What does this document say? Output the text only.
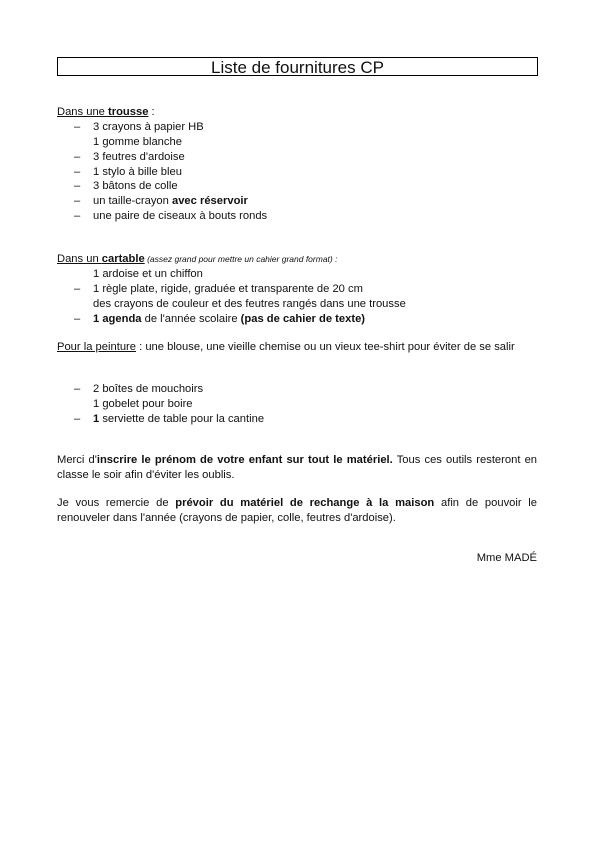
Liste de fournitures CP

Dans une trousse :

– 3 crayons à papier HB
1 gomme blanche
– 3 feutres d'ardoise
– 1 stylo à bille bleu
– 3 bâtons de colle
– un taille-crayon avec réservoir
– une paire de ciseaux à bouts ronds

Dans un cartable (assez grand pour mettre un cahier grand format) :

1 ardoise et un chiffon
– 1 règle plate, rigide, graduée et transparente de 20 cm
des crayons de couleur et des feutres rangés dans une trousse
– 1 agenda de l'année scolaire (pas de cahier de texte)

Pour la peinture : une blouse, une vieille chemise ou un vieux tee-shirt pour éviter de se salir

– 2 boîtes de mouchoirs
1 gobelet pour boire
– 1 serviette de table pour la cantine
Merci d'inscrire le prénom de votre enfant sur tout le matériel. Tous ces outils resteront en classe le soir afin d'éviter les oublis.
Je vous remercie de prévoir du matériel de rechange à la maison afin de pouvoir le renouveler dans l'année (crayons de papier, colle, feutres d'ardoise).
Mme MADÉ
